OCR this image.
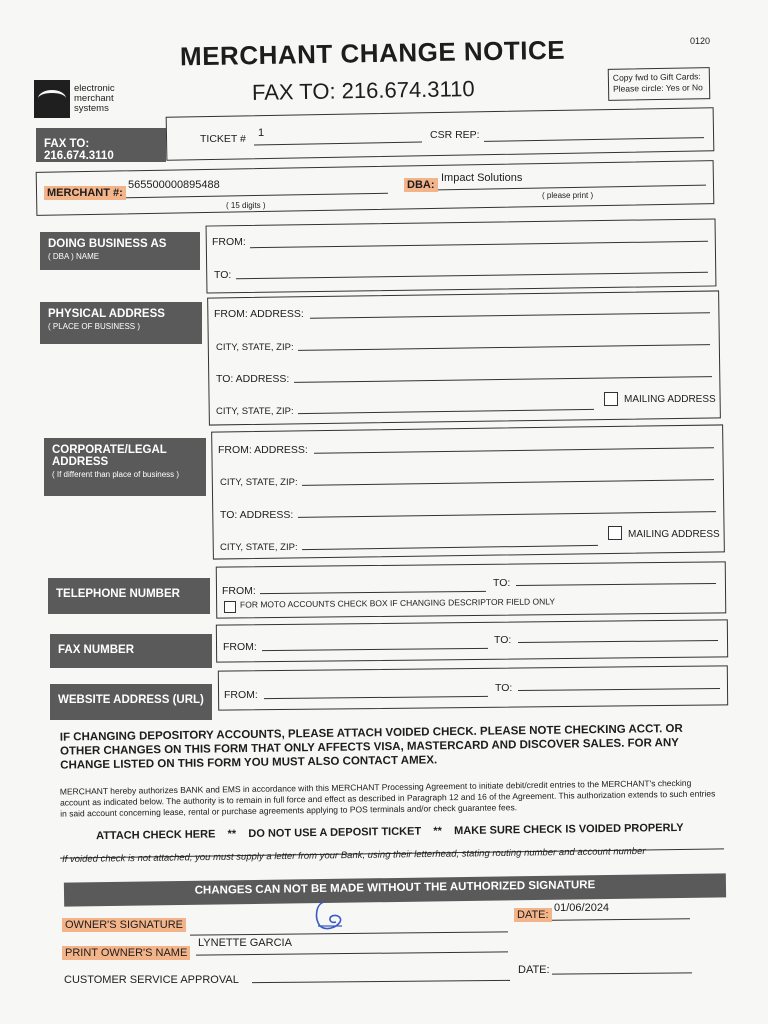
0120
MERCHANT CHANGE NOTICE
FAX TO: 216.674.3110
electronic
merchant
systems
Copy fwd to Gift Cards:
Please circle: Yes or No
FAX TO: 216.674.3110
TICKET # 1	CSR REP:
MERCHANT #:
565500000895488
( 15 digits )
DBA:
Impact Solutions
( please print )
DOING BUSINESS AS
( DBA ) NAME
FROM:
TO:
PHYSICAL ADDRESS
( PLACE OF BUSINESS )
FROM: ADDRESS:
CITY, STATE, ZIP:
TO: ADDRESS:
CITY, STATE, ZIP:
MAILING ADDRESS
CORPORATE/LEGAL
ADDRESS
( If different than place of business )
FROM: ADDRESS:
CITY, STATE, ZIP:
TO: ADDRESS:
CITY, STATE, ZIP:
MAILING ADDRESS
TELEPHONE NUMBER	FROM:
TO:
FOR MOTO ACCOUNTS CHECK BOX IF CHANGING DESCRIPTOR FIELD ONLY
FAX NUMBER	FROM:
TO:
WEBSITE ADDRESS (URL)	FROM:
TO:
IF CHANGING DEPOSITORY ACCOUNTS, PLEASE ATTACH VOIDED CHECK. PLEASE NOTE CHECKING ACCT. OR OTHER CHANGES ON THIS FORM THAT ONLY AFFECTS VISA, MASTERCARD AND DISCOVER SALES. FOR ANY CHANGE LISTED ON THIS FORM YOU MUST ALSO CONTACT AMEX.
MERCHANT hereby authorizes BANK and EMS in accordance with this MERCHANT Processing Agreement to initiate debit/credit entries to the MERCHANT's checking account as indicated below. The authority is to remain in full force and effect as described in Paragraph 12 and 16 of the Agreement. This authorization extends to such entries in said account concerning lease, rental or purchase agreements applying to POS terminals and/or check guarantee fees.
ATTACH CHECK HERE    **    DO NOT USE A DEPOSIT TICKET    **    MAKE SURE CHECK IS VOIDED PROPERLY
If voided check is not attached, you must supply a letter from your Bank, using their letterhead, stating routing number and account number
CHANGES CAN NOT BE MADE WITHOUT THE AUTHORIZED SIGNATURE
OWNER'S SIGNATURE
DATE:
01/06/2024
PRINT OWNER'S NAME
LYNETTE GARCIA
CUSTOMER SERVICE APPROVAL
DATE:
